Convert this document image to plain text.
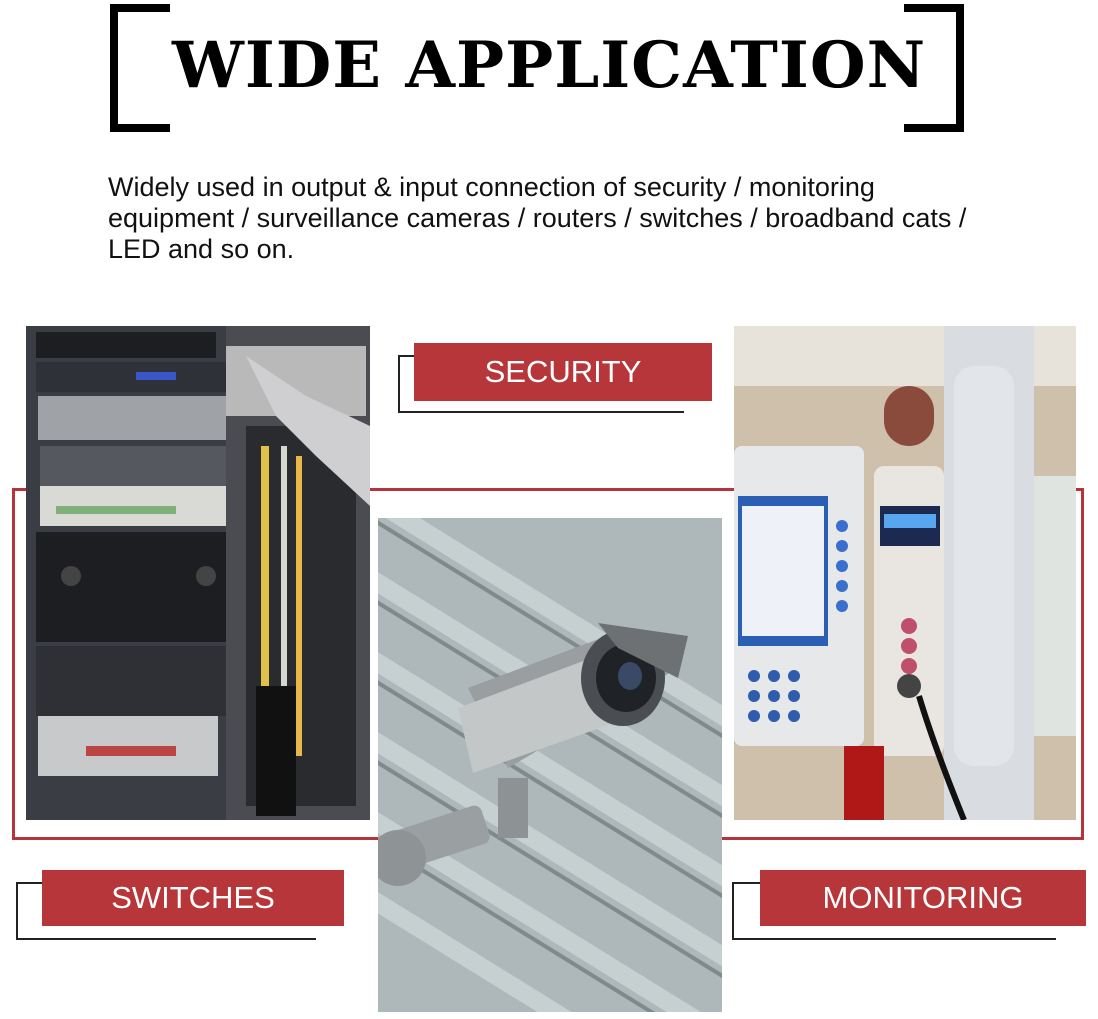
WIDE APPLICATION
Widely used in output & input connection of security / monitoring equipment / surveillance cameras / routers / switches / broadband cats / LED and so on.
SECURITY
SWITCHES	MONITORING
